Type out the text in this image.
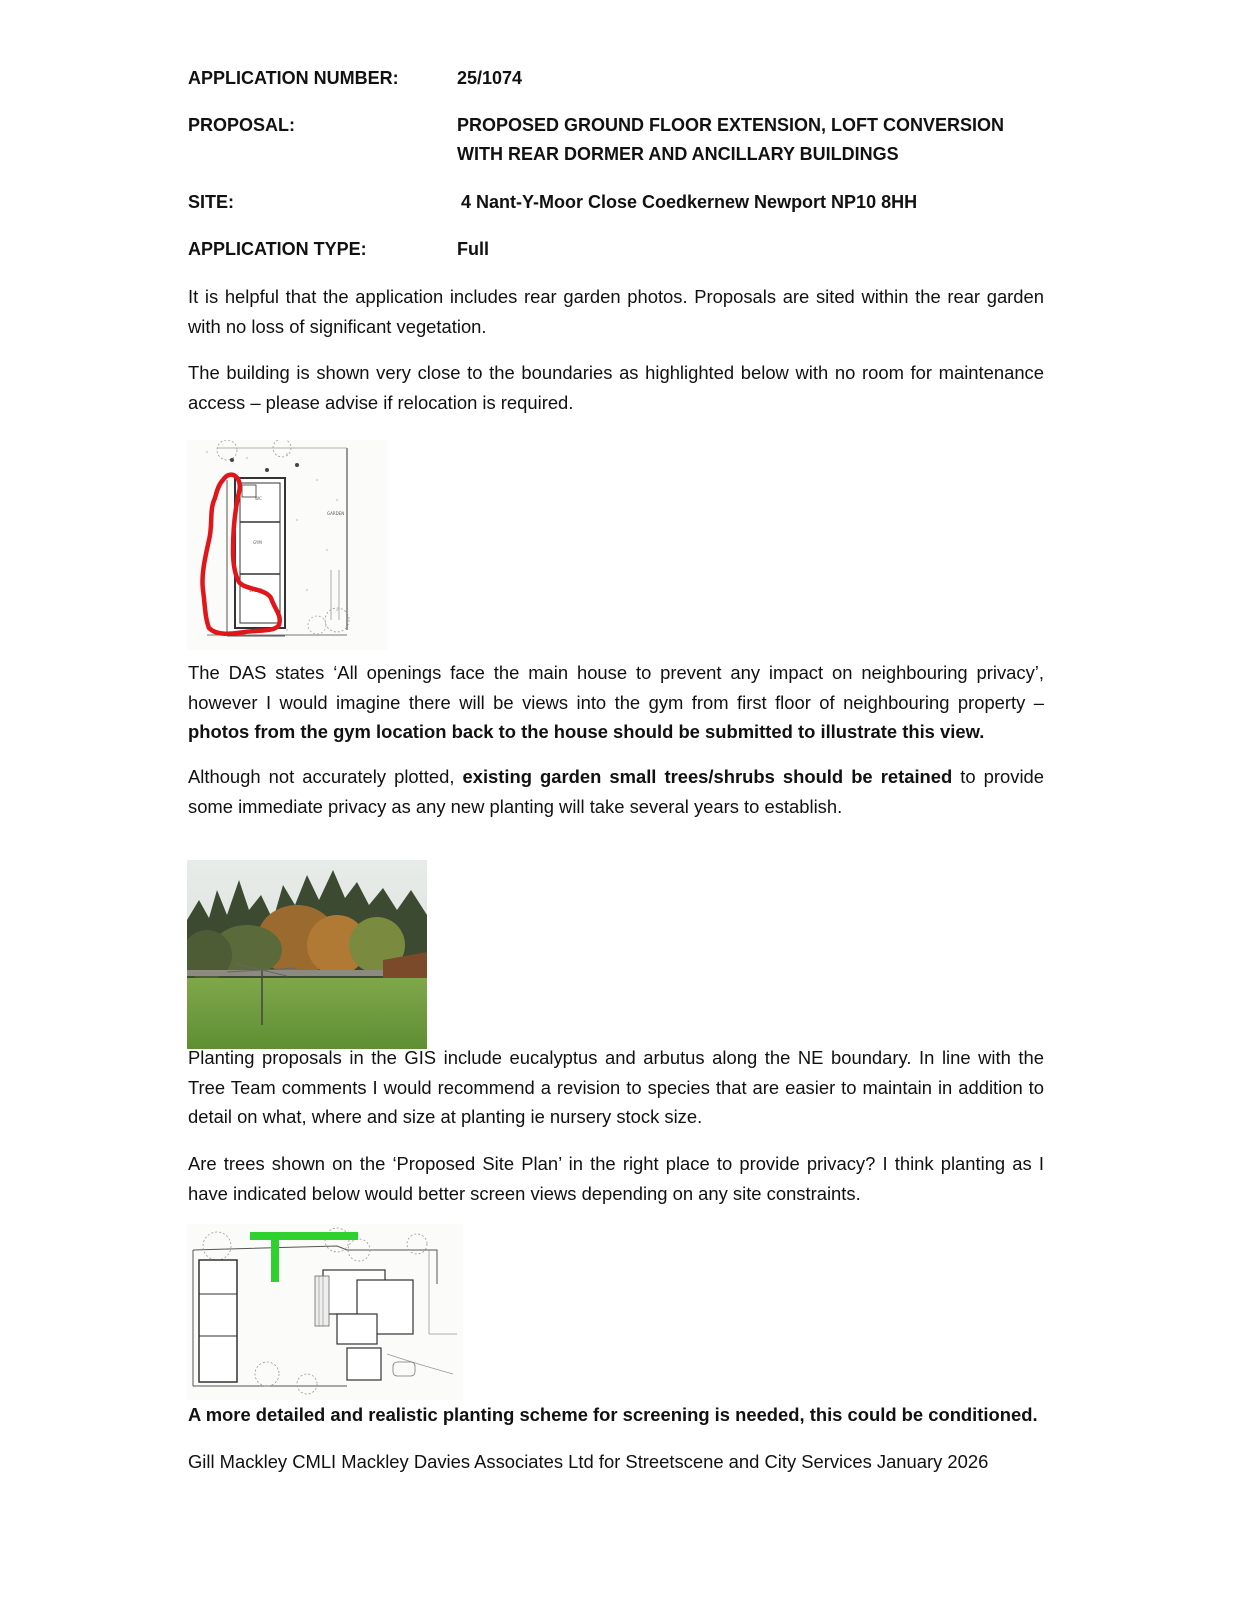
APPLICATION NUMBER:	25/1074

PROPOSAL:	PROPOSED GROUND FLOOR EXTENSION, LOFT CONVERSION WITH REAR DORMER AND ANCILLARY BUILDINGS

SITE:	4 Nant-Y-Moor Close Coedkernew Newport NP10 8HH

APPLICATION TYPE:	Full

It is helpful that the application includes rear garden photos. Proposals are sited within the rear garden with no loss of significant vegetation.

The building is shown very close to the boundaries as highlighted below with no room for maintenance access – please advise if relocation is required.

WC
GYM
STORE
GARDEN

The DAS states ‘All openings face the main house to prevent any impact on neighbouring privacy’, however I would imagine there will be views into the gym from first floor of neighbouring property – photos from the gym location back to the house should be submitted to illustrate this view.

Although not accurately plotted, existing garden small trees/shrubs should be retained to provide some immediate privacy as any new planting will take several years to establish.

Planting proposals in the GIS include eucalyptus and arbutus along the NE boundary. In line with the Tree Team comments I would recommend a revision to species that are easier to maintain in addition to detail on what, where and size at planting ie nursery stock size.

Are trees shown on the ‘Proposed Site Plan’ in the right place to provide privacy? I think planting as I have indicated below would better screen views depending on any site constraints.

A more detailed and realistic planting scheme for screening is needed, this could be conditioned.

Gill Mackley CMLI Mackley Davies Associates Ltd for Streetscene and City Services January 2026
